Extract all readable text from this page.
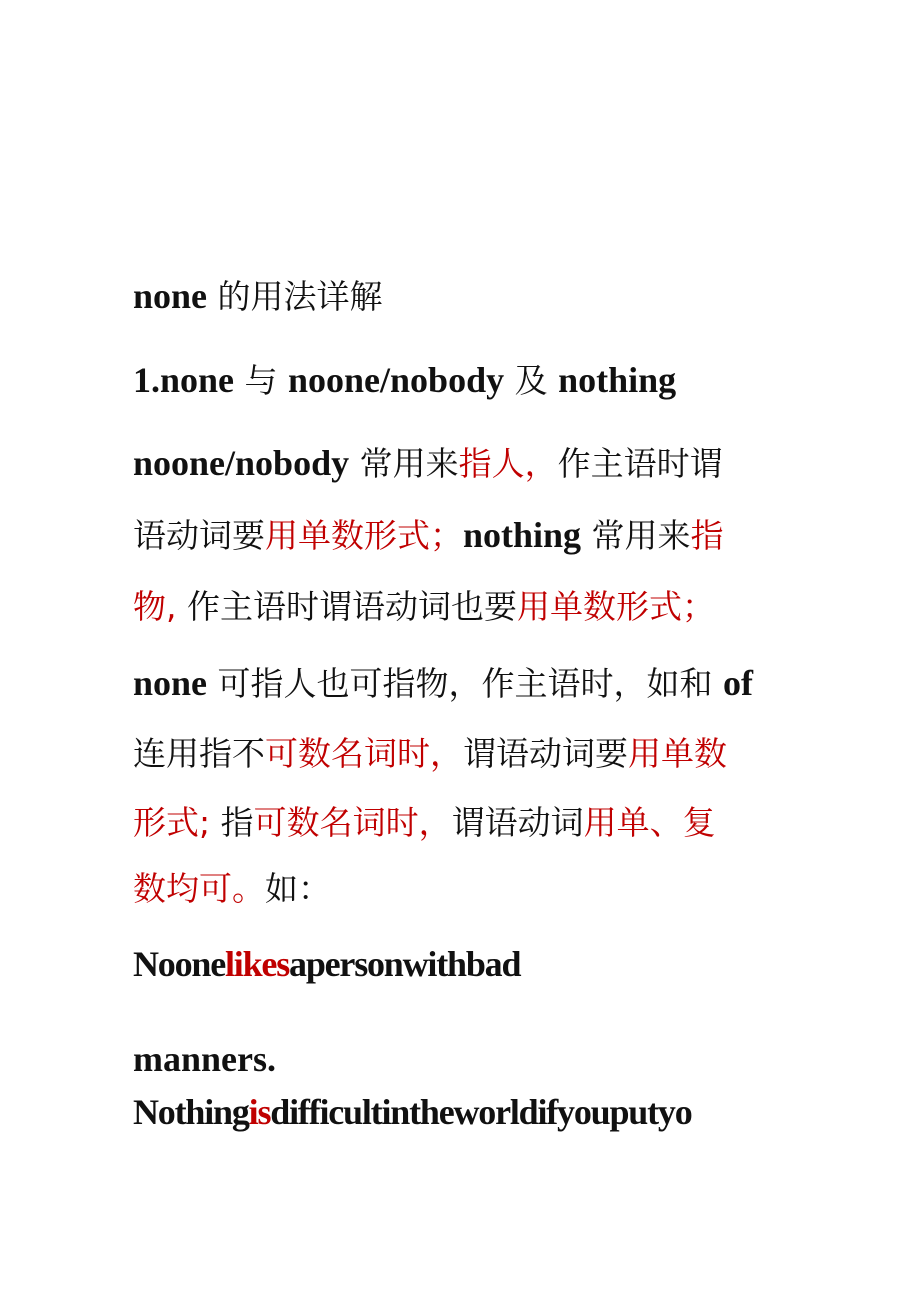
none 的用法详解
1.none 与 noone/nobody 及 nothing
noone/nobody 常用来指人，作主语时谓
语动词要用单数形式；nothing 常用来指
物, 作主语时谓语动词也要用单数形式；
none 可指人也可指物，作主语时，如和 of
连用指不可数名词时，谓语动词要用单数
形式; 指可数名词时，谓语动词用单、复
数均可。如：
Noonelikesapersonwithbad
manners.
Nothingisdifficultintheworldifyouputyo
